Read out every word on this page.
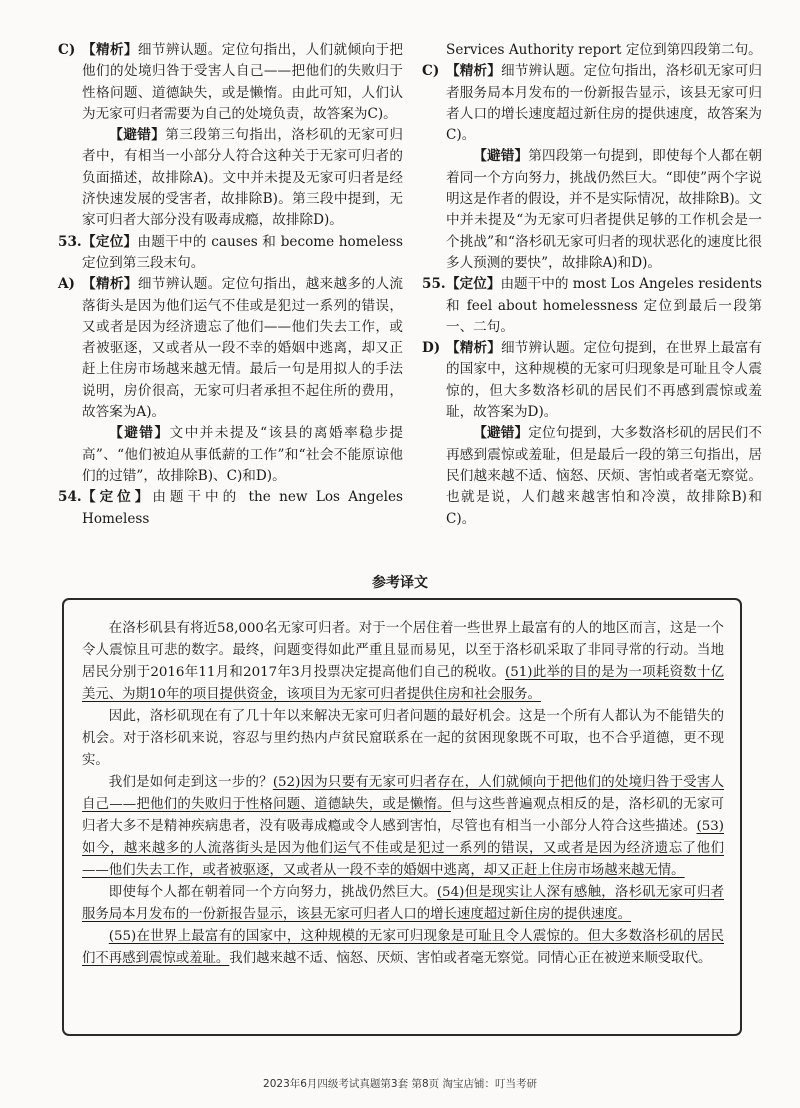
C) 【精析】细节辨认题。定位句指出，人们就倾向于把他们的处境归咎于受害人自己——把他们的失败归于性格问题、道德缺失，或是懒惰。由此可知，人们认为无家可归者需要为自己的处境负责，故答案为C)。
【避错】第三段第三句指出，洛杉矶的无家可归者中，有相当一小部分人符合这种关于无家可归者的负面描述，故排除A)。文中并未提及无家可归者是经济快速发展的受害者，故排除B)。第三段中提到，无家可归者大部分没有吸毒成瘾，故排除D)。
53. 【定位】由题干中的 causes 和 become homeless 定位到第三段末句。
A) 【精析】细节辨认题。定位句指出，越来越多的人流落街头是因为他们运气不佳或是犯过一系列的错误，又或者是因为经济遗忘了他们——他们失去工作，或者被驱逐，又或者从一段不幸的婚姻中逃离，却又正赶上住房市场越来越无情。最后一句是用拟人的手法说明，房价很高，无家可归者承担不起住所的费用，故答案为A)。
【避错】文中并未提及“该县的离婚率稳步提高”、“他们被迫从事低薪的工作”和“社会不能原谅他们的过错”，故排除B)、C)和D)。
54. 【定位】由题干中的 the new Los Angeles Homeless
Services Authority report 定位到第四段第二句。
C) 【精析】细节辨认题。定位句指出，洛杉矶无家可归者服务局本月发布的一份新报告显示，该县无家可归者人口的增长速度超过新住房的提供速度，故答案为C)。
【避错】第四段第一句提到，即使每个人都在朝着同一个方向努力，挑战仍然巨大。“即使”两个字说明这是作者的假设，并不是实际情况，故排除B)。文中并未提及“为无家可归者提供足够的工作机会是一个挑战”和“洛杉矶无家可归者的现状恶化的速度比很多人预测的要快”，故排除A)和D)。
55. 【定位】由题干中的 most Los Angeles residents 和 feel about homelessness 定位到最后一段第一、二句。
D) 【精析】细节辨认题。定位句提到，在世界上最富有的国家中，这种规模的无家可归现象是可耻且令人震惊的，但大多数洛杉矶的居民们不再感到震惊或羞耻，故答案为D)。
【避错】定位句提到，大多数洛杉矶的居民们不再感到震惊或羞耻，但是最后一段的第三句指出，居民们越来越不适、恼怒、厌烦、害怕或者毫无察觉。也就是说，人们越来越害怕和冷漠，故排除B)和C)。
参考译文

在洛杉矶县有将近58,000名无家可归者。对于一个居住着一些世界上最富有的人的地区而言，这是一个令人震惊且可悲的数字。最终，问题变得如此严重且显而易见，以至于洛杉矶采取了非同寻常的行动。当地居民分别于2016年11月和2017年3月投票决定提高他们自己的税收。(51)此举的目的是为一项耗资数十亿美元、为期10年的项目提供资金，该项目为无家可归者提供住房和社会服务。

因此，洛杉矶现在有了几十年以来解决无家可归者问题的最好机会。这是一个所有人都认为不能错失的机会。对于洛杉矶来说，容忍与里约热内卢贫民窟联系在一起的贫困现象既不可取，也不合乎道德，更不现实。

我们是如何走到这一步的？(52)因为只要有无家可归者存在，人们就倾向于把他们的处境归咎于受害人自己——把他们的失败归于性格问题、道德缺失，或是懒惰。但与这些普遍观点相反的是，洛杉矶的无家可归者大多不是精神疾病患者，没有吸毒成瘾或令人感到害怕，尽管也有相当一小部分人符合这些描述。(53)如今，越来越多的人流落街头是因为他们运气不佳或是犯过一系列的错误，又或者是因为经济遗忘了他们——他们失去工作，或者被驱逐，又或者从一段不幸的婚姻中逃离，却又正赶上住房市场越来越无情。

即使每个人都在朝着同一个方向努力，挑战仍然巨大。(54)但是现实让人深有感触，洛杉矶无家可归者服务局本月发布的一份新报告显示，该县无家可归者人口的增长速度超过新住房的提供速度。

(55)在世界上最富有的国家中，这种规模的无家可归现象是可耻且令人震惊的。但大多数洛杉矶的居民们不再感到震惊或羞耻。我们越来越不适、恼怒、厌烦、害怕或者毫无察觉。同情心正在被逆来顺受取代。

2023年6月四级考试真题第3套 第8页 淘宝店铺：叮当考研
